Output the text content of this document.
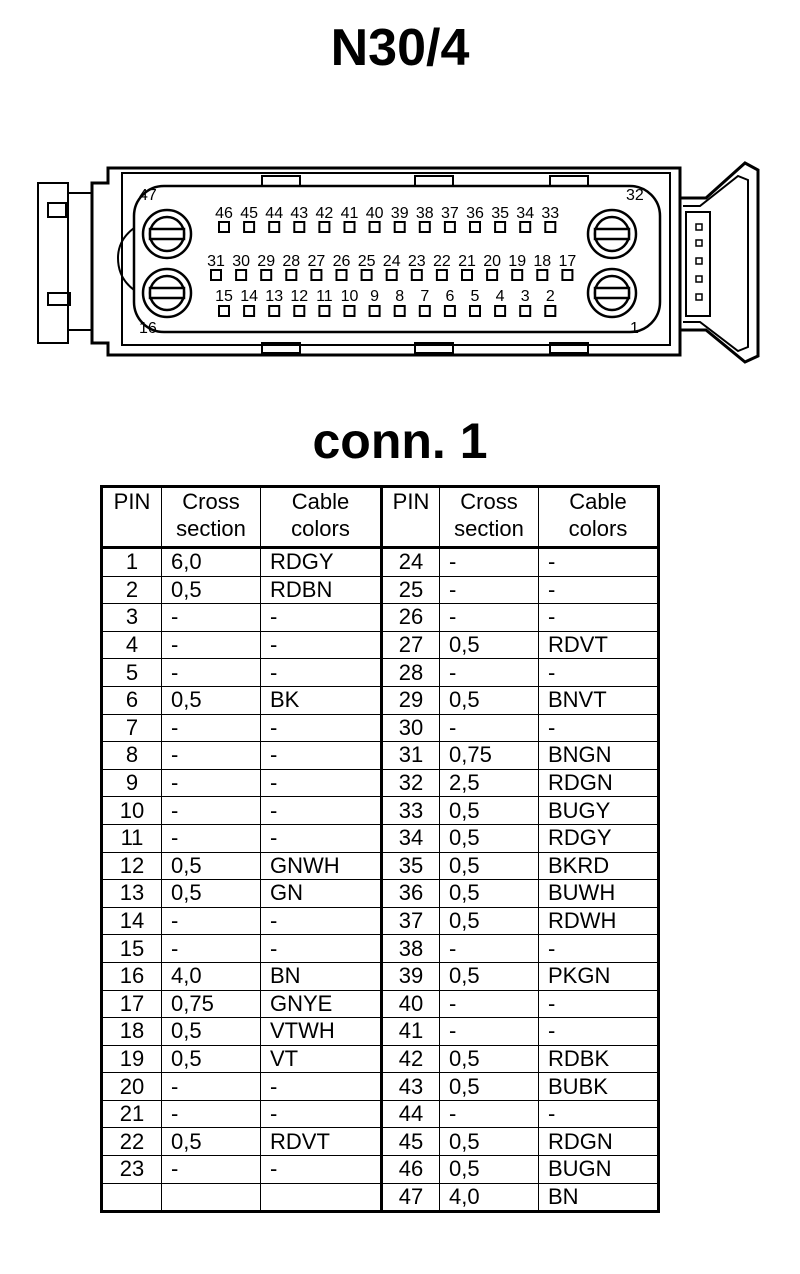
N30/4
47
16
32
1
46 45 44 43 42 41 40 39 38 37 36 35 34 33
31 30 29 28 27 26 25 24 23 22 21 20 19 18 17
15 14 13 12 11 10 9 8 7 6 5 4 3 2
conn. 1
PIN	Cross
section	Cable
colors	PIN	Cross
section	Cable
colors
1	6,0	RDGY	24	-	-
2	0,5	RDBN	25	-	-
3	-	-	26	-	-
4	-	-	27	0,5	RDVT
5	-	-	28	-	-
6	0,5	BK	29	0,5	BNVT
7	-	-	30	-	-
8	-	-	31	0,75	BNGN
9	-	-	32	2,5	RDGN
10	-	-	33	0,5	BUGY
11	-	-	34	0,5	RDGY
12	0,5	GNWH	35	0,5	BKRD
13	0,5	GN	36	0,5	BUWH
14	-	-	37	0,5	RDWH
15	-	-	38	-	-
16	4,0	BN	39	0,5	PKGN
17	0,75	GNYE	40	-	-
18	0,5	VTWH	41	-	-
19	0,5	VT	42	0,5	RDBK
20	-	-	43	0,5	BUBK
21	-	-	44	-	-
22	0,5	RDVT	45	0,5	RDGN
23	-	-	46	0,5	BUGN
			47	4,0	BN
